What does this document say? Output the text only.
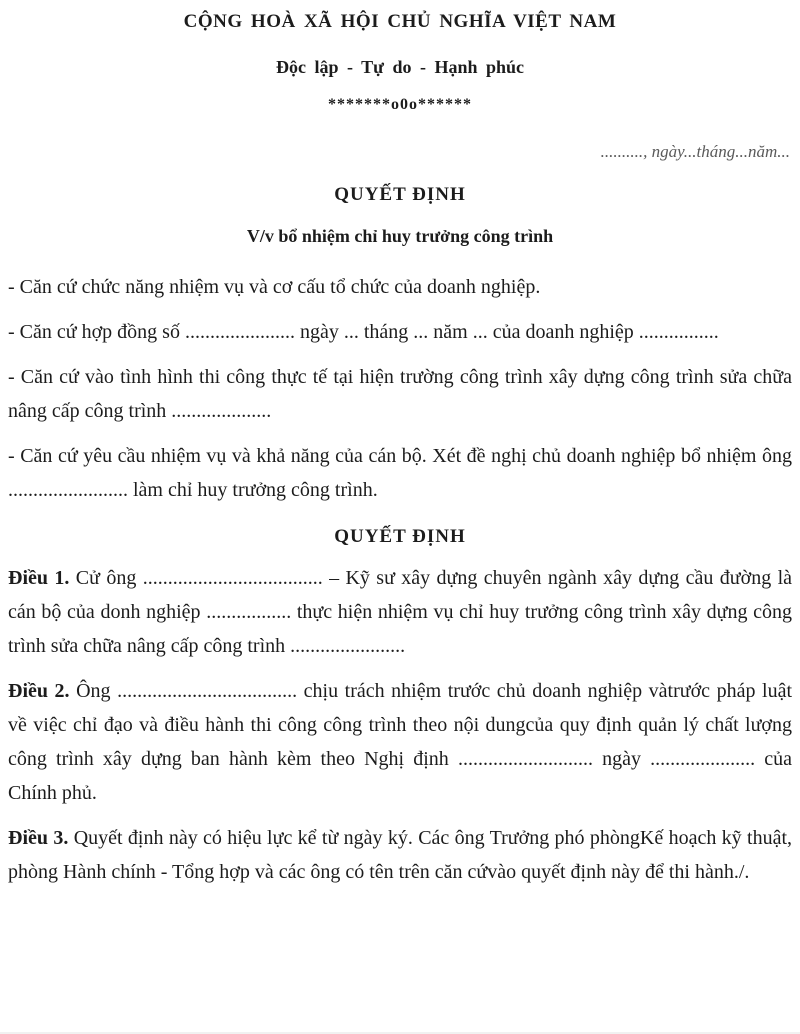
CỘNG HOÀ XÃ HỘI CHỦ NGHĨA VIỆT NAM
Độc lập - Tự do - Hạnh phúc
*******o0o******
.........., ngày...tháng...năm...
QUYẾT ĐỊNH
V/v bổ nhiệm chỉ huy trưởng công trình

- Căn cứ chức năng nhiệm vụ và cơ cấu tổ chức của doanh nghiệp.

- Căn cứ hợp đồng số ...................... ngày ... tháng ... năm ... của doanh nghiệp ................

- Căn cứ vào tình hình thi công thực tế tại hiện trường công trình xây dựng công trình sửa chữa nâng cấp công trình ....................

- Căn cứ yêu cầu nhiệm vụ và khả năng của cán bộ. Xét đề nghị chủ doanh nghiệp bổ nhiệm ông ........................ làm chỉ huy trưởng công trình.

QUYẾT ĐỊNH

Điều 1. Cử ông .................................... – Kỹ sư xây dựng chuyên ngành xây dựng cầu đường là cán bộ của donh nghiệp ................. thực hiện nhiệm vụ chỉ huy trưởng công trình xây dựng công trình sửa chữa nâng cấp công trình .......................

Điều 2. Ông .................................... chịu trách nhiệm trước chủ doanh nghiệp vàtrước pháp luật về việc chỉ đạo và điều hành thi công công trình theo nội dungcủa quy định quản lý chất lượng công trình xây dựng ban hành kèm theo Nghị định ........................... ngày ..................... của Chính phủ.

Điều 3. Quyết định này có hiệu lực kể từ ngày ký. Các ông Trưởng phó phòngKế hoạch kỹ thuật, phòng Hành chính - Tổng hợp và các ông có tên trên căn cứvào quyết định này để thi hành./.
